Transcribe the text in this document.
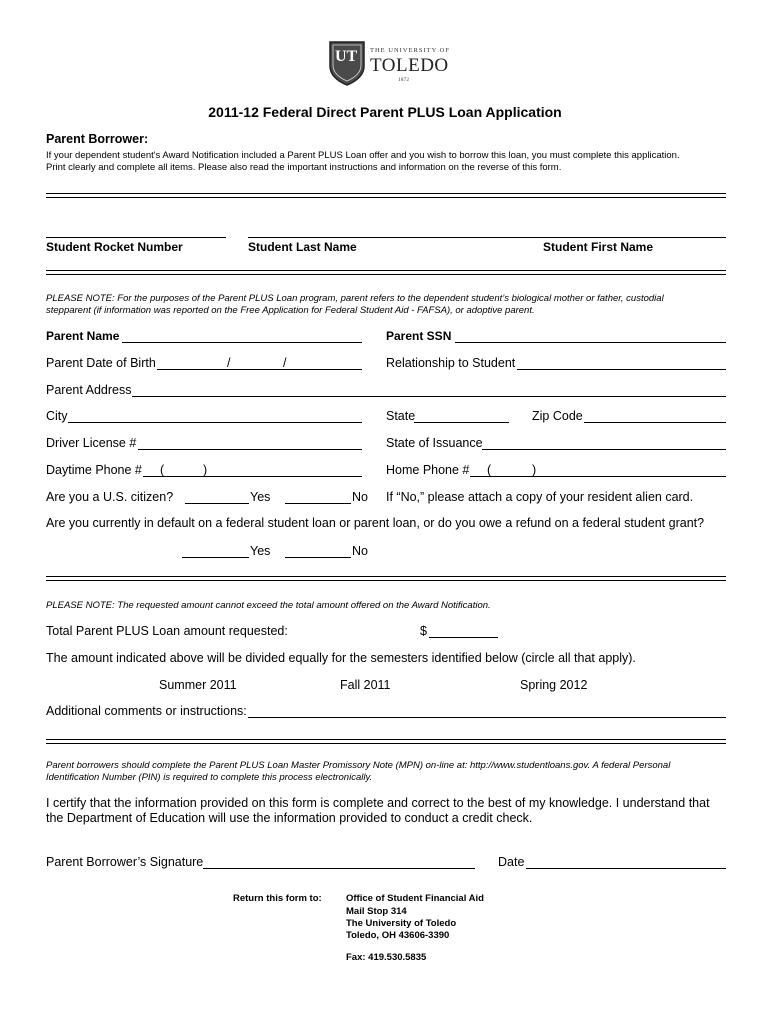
UT THE UNIVERSITY OF
TOLEDO
1872
2011-12 Federal Direct Parent PLUS Loan Application
Parent Borrower:
If your dependent student's Award Notification included a Parent PLUS Loan offer and you wish to borrow this loan, you must complete this application.
Print clearly and complete all items. Please also read the important instructions and information on the reverse of this form.
Student Rocket Number	Student Last Name	Student First Name
PLEASE NOTE: For the purposes of the Parent PLUS Loan program, parent refers to the dependent student’s biological mother or father, custodial
stepparent (if information was reported on the Free Application for Federal Student Aid - FAFSA), or adoptive parent.
Parent Name	Parent SSN
Parent Date of Birth	/	/	Relationship to Student
Parent Address
City	State	Zip Code
Driver License #	State of Issuance
Daytime Phone # (	)	Home Phone # (	)
Are you a U.S. citizen?	Yes	No If “No,” please attach a copy of your resident alien card.
Are you currently in default on a federal student loan or parent loan, or do you owe a refund on a federal student grant?
Yes	No
PLEASE NOTE: The requested amount cannot exceed the total amount offered on the Award Notification.
Total Parent PLUS Loan amount requested:	$
The amount indicated above will be divided equally for the semesters identified below (circle all that apply).
Summer 2011	Fall 2011	Spring 2012
Additional comments or instructions:
Parent borrowers should complete the Parent PLUS Loan Master Promissory Note (MPN) on-line at: http://www.studentloans.gov. A federal Personal
Identification Number (PIN) is required to complete this process electronically.
I certify that the information provided on this form is complete and correct to the best of my knowledge. I understand that
the Department of Education will use the information provided to conduct a credit check.
Parent Borrower’s Signature	Date
Return this form to:	Office of Student Financial Aid
Mail Stop 314
The University of Toledo
Toledo, OH 43606-3390
Fax: 419.530.5835
